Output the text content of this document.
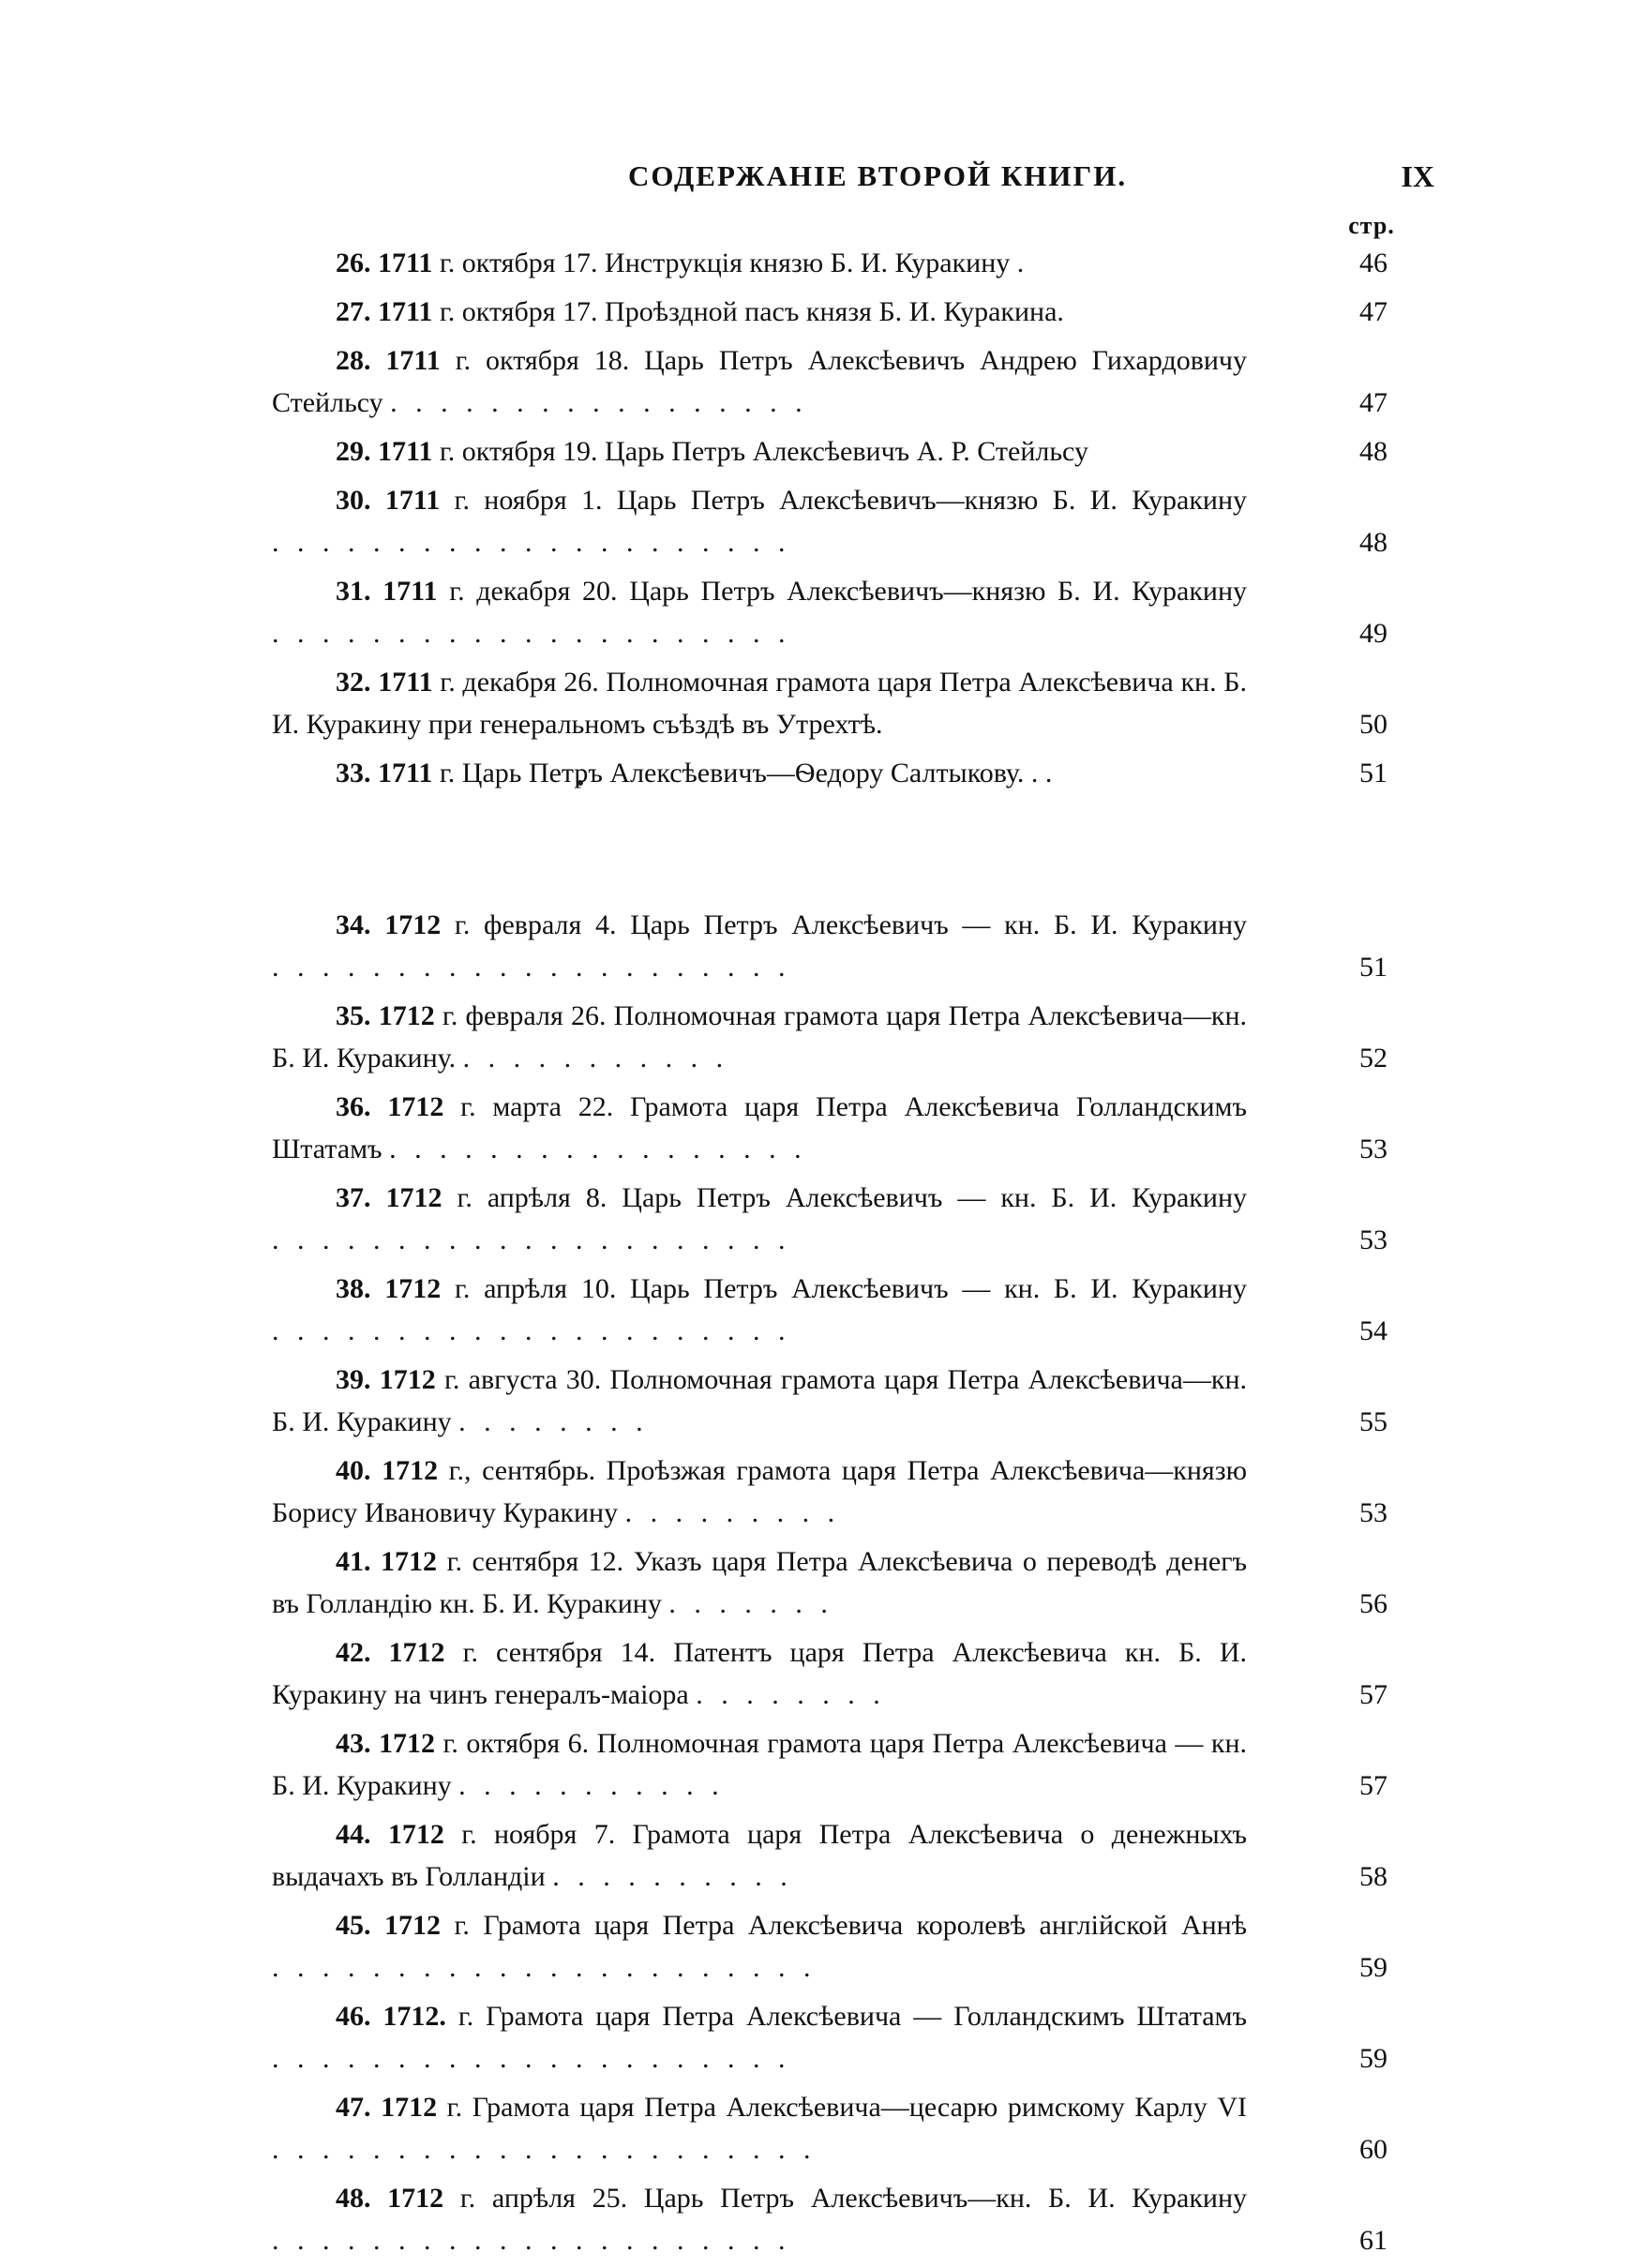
СОДЕРЖАНІЕ ВТОРОЙ КНИГИ.	IX
стр.

26. 1711 г. октября 17. Инструкція князю Б. И. Куракину .	46

27. 1711 г. октября 17. Проѣздной пасъ князя Б. И. Куракина.	47

28. 1711 г. октября 18. Царь Петръ Алексѣевичъ Андрею Гихардовичу Стейльсу . . . . . . . . . . . . . . . . .	47

29. 1711 г. октября 19. Царь Петръ Алексѣевичъ А. Р. Стейльсу	48

30. 1711 г. ноября 1. Царь Петръ Алексѣевичъ—князю Б. И. Куракину . . . . . . . . . . . . . . . . . . . . .	48

31. 1711 г. декабря 20. Царь Петръ Алексѣевичъ—князю Б. И. Куракину . . . . . . . . . . . . . . . . . . . . .	49

32. 1711 г. декабря 26. Полномочная грамота царя Петра Алексѣевича кн. Б. И. Куракину при генеральномъ съѣздѣ въ Утрехтѣ.	50

33. 1711 г. Царь Петръ Алексѣевичъ—Ѳедору Салтыкову. . .	51

34. 1712 г. февраля 4. Царь Петръ Алексѣевичъ — кн. Б. И. Куракину . . . . . . . . . . . . . . . . . . . . .	51

35. 1712 г. февраля 26. Полномочная грамота царя Петра Алексѣевича—кн. Б. И. Куракину. . . . . . . . . . . .	52

36. 1712 г. марта 22. Грамота царя Петра Алексѣевича Голландскимъ Штатамъ . . . . . . . . . . . . . . . . .	53

37. 1712 г. апрѣля 8. Царь Петръ Алексѣевичъ — кн. Б. И. Куракину . . . . . . . . . . . . . . . . . . . . .	53

38. 1712 г. апрѣля 10. Царь Петръ Алексѣевичъ — кн. Б. И. Куракину . . . . . . . . . . . . . . . . . . . . .	54

39. 1712 г. августа 30. Полномочная грамота царя Петра Алексѣевича—кн. Б. И. Куракину . . . . . . . .	55

40. 1712 г., сентябрь. Проѣзжая грамота царя Петра Алексѣевича—князю Борису Ивановичу Куракину . . . . . . . . .	53

41. 1712 г. сентября 12. Указъ царя Петра Алексѣевича о переводѣ денегъ въ Голландію кн. Б. И. Куракину . . . . . . .	56

42. 1712 г. сентября 14. Патентъ царя Петра Алексѣевича кн. Б. И. Куракину на чинъ генералъ-маіора . . . . . . . .	57

43. 1712 г. октября 6. Полномочная грамота царя Петра Алексѣевича — кн. Б. И. Куракину . . . . . . . . . . .	57

44. 1712 г. ноября 7. Грамота царя Петра Алексѣевича о денежныхъ выдачахъ въ Голландіи . . . . . . . . . .	58

45. 1712 г. Грамота царя Петра Алексѣевича королевѣ англійской Аннѣ . . . . . . . . . . . . . . . . . . . . . .	59

46. 1712. г. Грамота царя Петра Алексѣевича — Голландскимъ Штатамъ . . . . . . . . . . . . . . . . . . . . .	59

47. 1712 г. Грамота царя Петра Алексѣевича—цесарю римскому Карлу VI . . . . . . . . . . . . . . . . . . . . . .	60

48. 1712 г. апрѣля 25. Царь Петръ Алексѣевичъ—кн. Б. И. Куракину . . . . . . . . . . . . . . . . . . . . .	61
